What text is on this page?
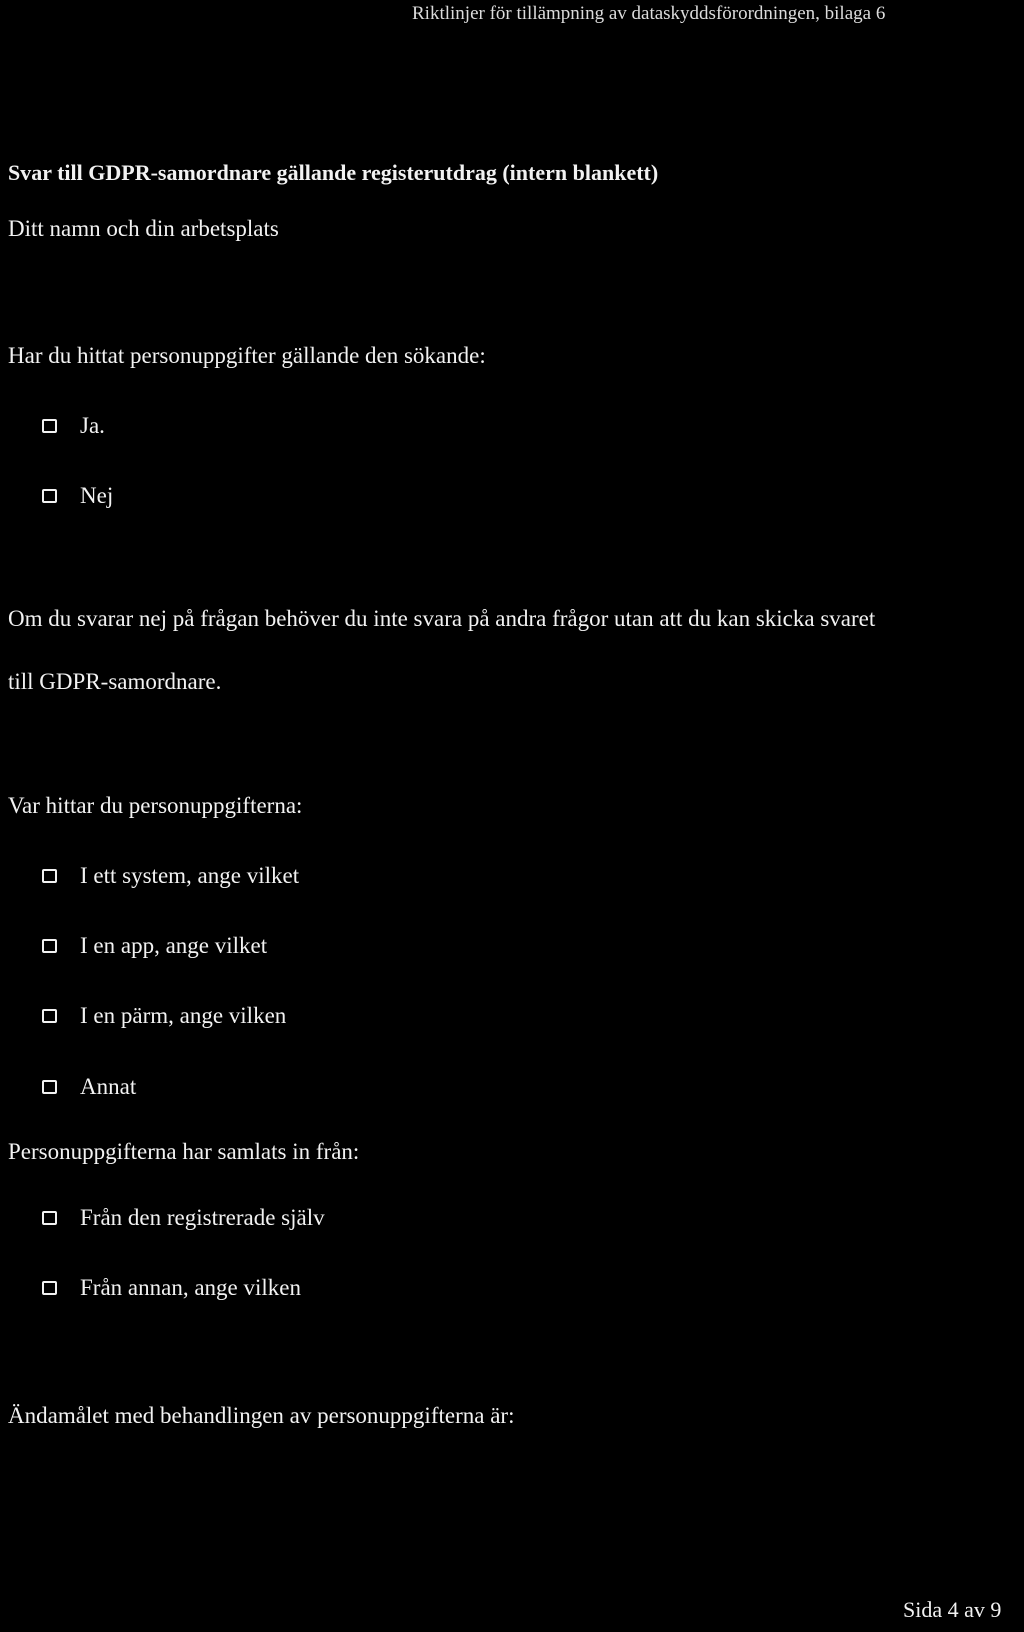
Riktlinjer för tillämpning av dataskyddsförordningen, bilaga 6
Svar till GDPR-samordnare gällande registerutdrag (intern blankett)
Ditt namn och din arbetsplats
Har du hittat personuppgifter gällande den sökande:
Ja.
Nej
Om du svarar nej på frågan behöver du inte svara på andra frågor utan att du kan skicka svaret
till GDPR-samordnare.
Var hittar du personuppgifterna:
I ett system, ange vilket
I en app, ange vilket
I en pärm, ange vilken
Annat
Personuppgifterna har samlats in från:
Från den registrerade själv
Från annan, ange vilken
Ändamålet med behandlingen av personuppgifterna är:
Sida 4 av 9
